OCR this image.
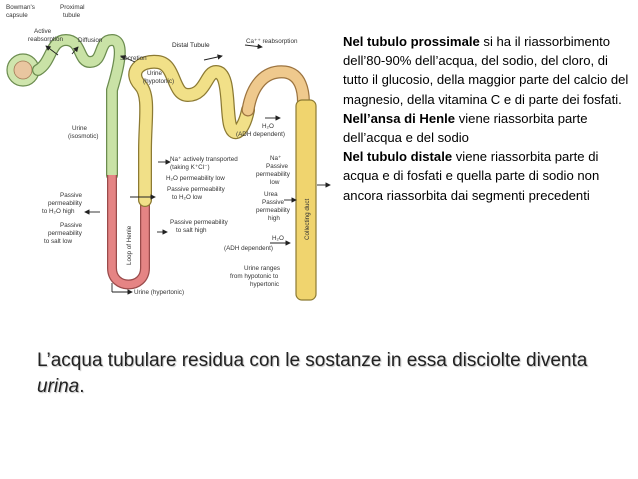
Bowman's capsule
Proximal tubule
Active reabsorption Diffusion
Distal Tubule
Secretion
Urine (hypotonic)
Ca⁺⁺ reabsorption
Urine (isosmotic)
H₂O (ADH dependent)
Na⁺ actively transported (taking K⁺Cl⁻)
H₂O permeability low
Passive permeability to H₂O low
Na⁺ Passive permeability low
Urea Passive permeability high
Passive permeability to H₂O high
Passive permeability to salt low	Loop of Henle
Passive permeability to salt high
H₂O (ADH dependent)
Collecting duct
Urine ranges from hypotonic to hypertonic
Urine (hypertonic)

Nel tubulo prossimale si ha il riassorbimento dell’80-90% dell’acqua, del sodio, del cloro, di tutto il glucosio, della maggior parte del calcio del magnesio, della vitamina C e di parte dei fosfati.

Nell’ansa di Henle viene riassorbita parte dell’acqua e del sodio

Nel tubulo distale viene riassorbita parte di acqua e di fosfati e quella parte di sodio non ancora riassorbita dai segmenti precedenti

L’acqua tubulare residua con le sostanze in essa disciolte diventa urina.
